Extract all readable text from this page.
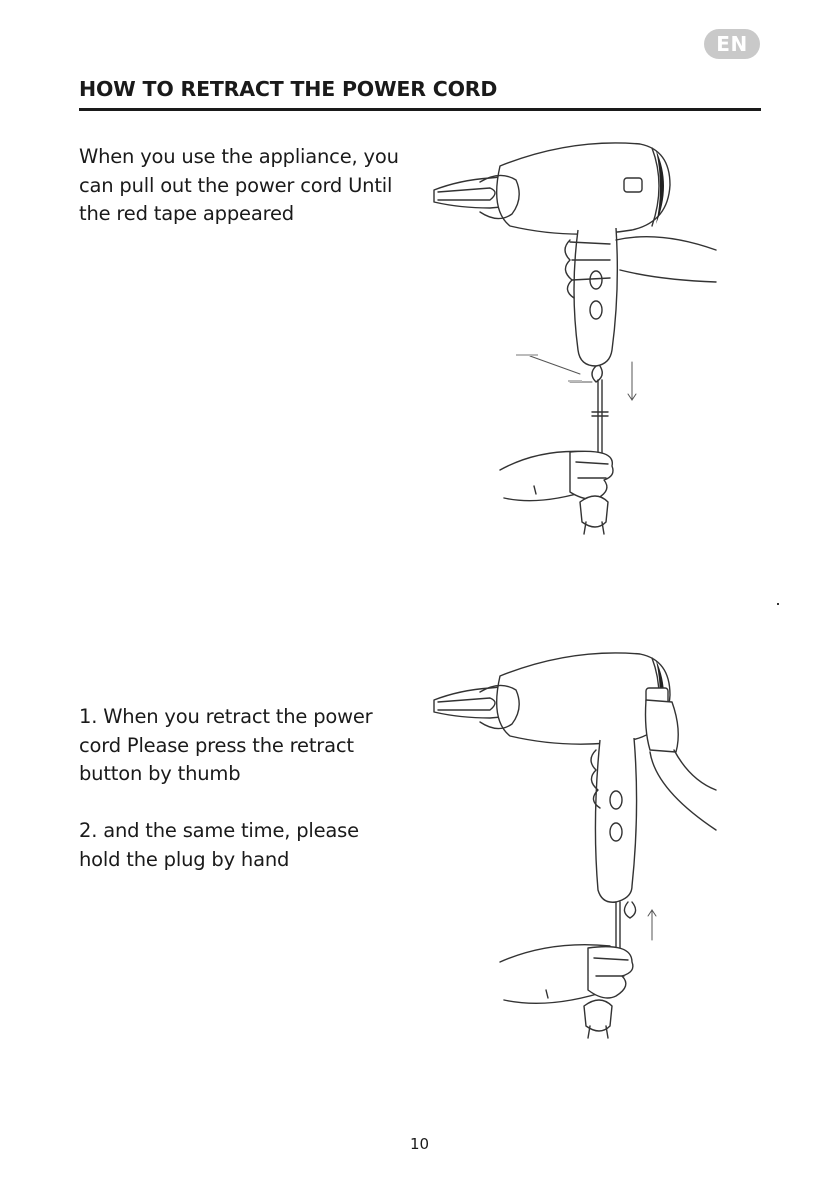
EN
HOW TO RETRACT THE POWER CORD

When you use the appliance, you can pull out the power cord Until the red tape appeared

1. When you retract the power cord Please press the retract button by thumb

2. and the same time, please hold the plug by hand

10
